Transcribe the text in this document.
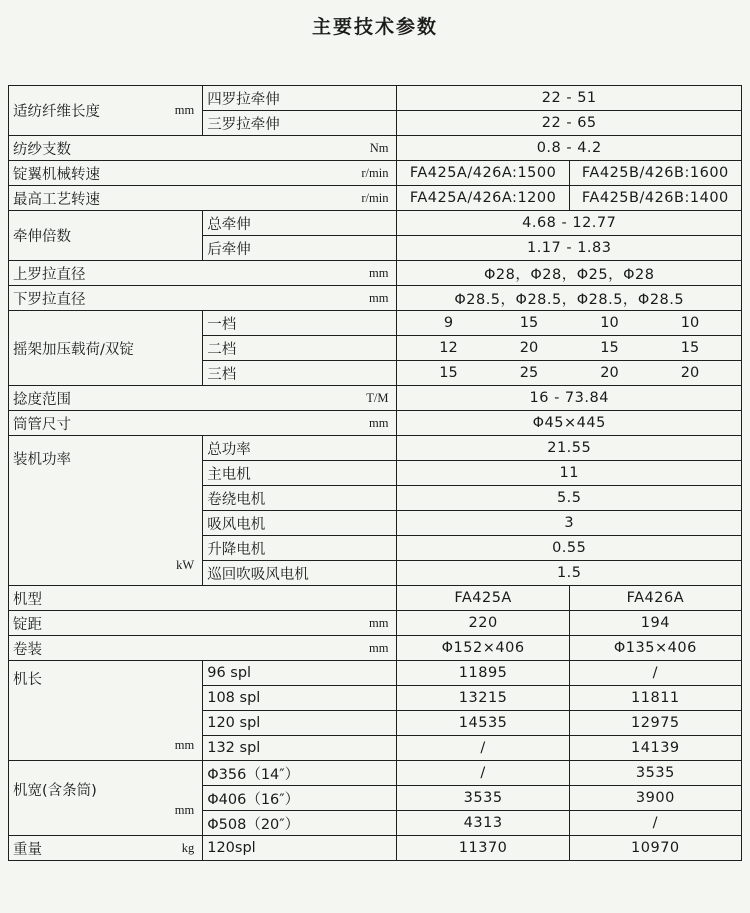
主要技术参数
适纺纤维长度 mm	四罗拉牵伸	22 - 51	
	三罗拉牵伸	22 - 65	
纺纱支数 Nm		0.8 - 4.2	
锭翼机械转速 r/min		FA425A/426A:1500	FA425B/426B:1600
最高工艺转速 r/min		FA425A/426A:1200	FA425B/426B:1400
牵伸倍数	总牵伸	4.68 - 12.77	
	后牵伸	1.17 - 1.83	
上罗拉直径 mm		Φ28，Φ28，Φ25，Φ28	
下罗拉直径 mm		Φ28.5，Φ28.5，Φ28.5，Φ28.5	
摇架加压载荷/双锭	一档	9 15 10 10	
	二档	12 20 15 15	
	三档	15 25 20 20	
捻度范围 T/M		16 - 73.84	
筒管尺寸 mm		Φ45×445	
装机功率
kW	总功率	21.55	
	主电机	11	
	卷绕电机	5.5	
	吸风电机	3	
	升降电机	0.55	
	巡回吹吸风电机	1.5	
机型		FA425A	FA426A
锭距 mm		220	194
卷装 mm		Φ152×406	Φ135×406
机长
mm	96 spl	11895	/
	108 spl	13215	11811
	120 spl	14535	12975
	132 spl	/	14139
机宽(含条筒)
mm	Φ356（14″）	/	3535
	Φ406（16″）	3535	3900
	Φ508（20″）	4313	/
重量 kg	120spl	11370	10970
